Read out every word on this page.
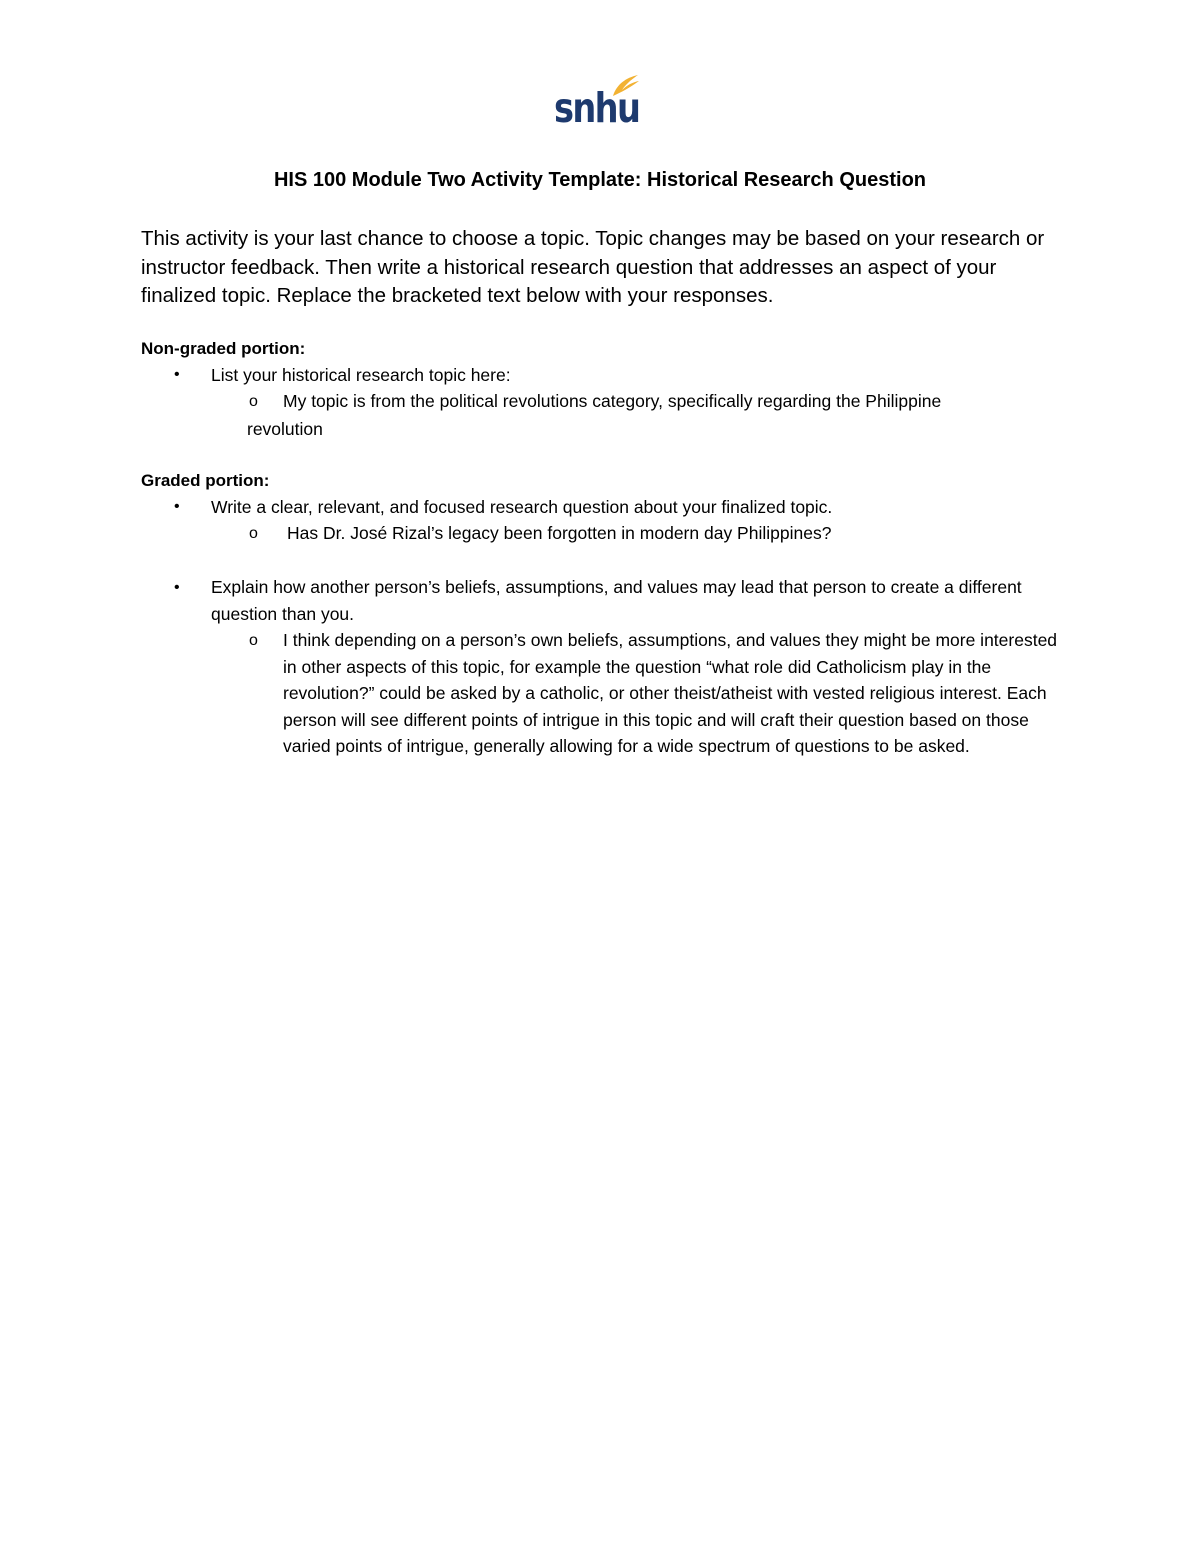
snhu
HIS 100 Module Two Activity Template: Historical Research Question
This activity is your last chance to choose a topic. Topic changes may be based on your research or instructor feedback. Then write a historical research question that addresses an aspect of your finalized topic. Replace the bracketed text below with your responses.
Non-graded portion:
• List your historical research topic here:
o My topic is from the political revolutions category, specifically regarding the Philippine
revolution
Graded portion:
• Write a clear, relevant, and focused research question about your finalized topic.
o Has Dr. José Rizal’s legacy been forgotten in modern day Philippines?
• Explain how another person’s beliefs, assumptions, and values may lead that person to create a different question than you.
o I think depending on a person’s own beliefs, assumptions, and values they might be more interested in other aspects of this topic, for example the question “what role did Catholicism play in the revolution?” could be asked by a catholic, or other theist/atheist with vested religious interest. Each person will see different points of intrigue in this topic and will craft their question based on those varied points of intrigue, generally allowing for a wide spectrum of questions to be asked.
